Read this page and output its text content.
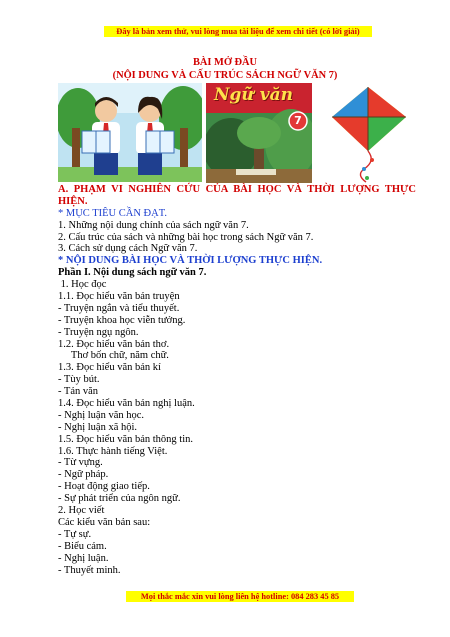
Đây là bản xem thử, vui lòng mua tài liệu để xem chi tiết (có lời giải)
BÀI MỞ ĐẦU
(NỘI DUNG VÀ CẤU TRÚC SÁCH NGỮ VĂN 7)
Ngữ văn
7
A. PHẠM VI NGHIÊN CỨU CỦA BÀI HỌC VÀ THỜI LƯỢNG THỰC
HIỆN.
* MỤC TIÊU CẦN ĐẠT.
1. Những nội dung chính của sách ngữ văn 7.
2. Cấu trúc của sách và những bài học trong sách Ngữ văn 7.
3. Cách sử dụng cách Ngữ văn 7.
* NỘI DUNG BÀI HỌC VÀ THỜI LƯỢNG THỰC HIỆN.
Phần I. Nội dung sách ngữ văn 7.
1. Học đọc
1.1. Đọc hiểu văn bản truyện
- Truyện ngắn và tiểu thuyết.
- Truyện khoa học viễn tưởng.
- Truyện ngụ ngôn.
1.2. Đọc hiểu văn bản thơ.
Thơ bốn chữ, năm chữ.
1.3. Đọc hiểu văn bản kí
- Tùy bút.
- Tản văn
1.4. Đọc hiểu văn bản nghị luận.
- Nghị luận văn học.
- Nghị luận xã hội.
1.5. Đọc hiểu văn bản thông tin.
1.6. Thực hành tiếng Việt.
- Từ vựng.
- Ngữ pháp.
- Hoạt động giao tiếp.
- Sự phát triển của ngôn ngữ.
2. Học viết
Các kiểu văn bản sau:
- Tự sự.
- Biểu cảm.
- Nghị luận.
- Thuyết minh.
Mọi thắc mắc xin vui lòng liên hệ hotline: 084 283 45 85
